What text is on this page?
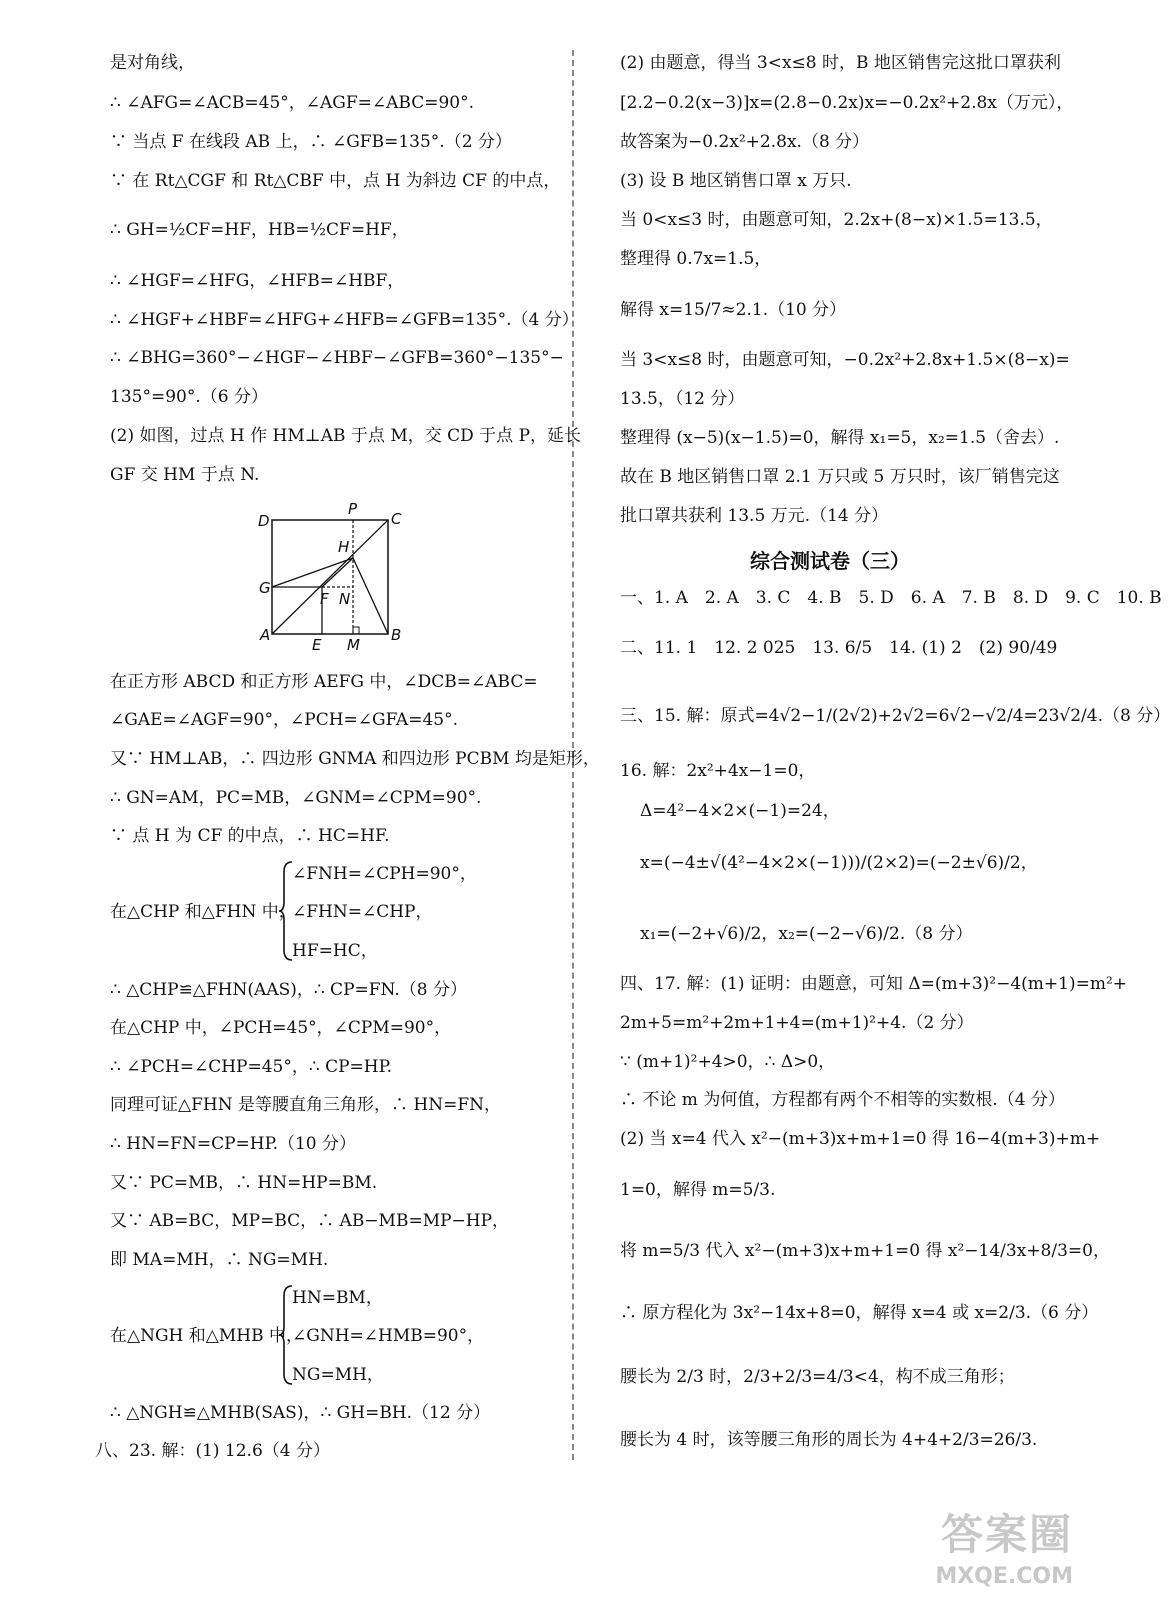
是对角线，
∴ ∠AFG=∠ACB=45°，∠AGF=∠ABC=90°.
∵ 当点 F 在线段 AB 上，∴ ∠GFB=135°.（2 分）
∵ 在 Rt△CGF 和 Rt△CBF 中，点 H 为斜边 CF 的中点，
∴ GH=½CF=HF，HB=½CF=HF，
∴ ∠HGF=∠HFG，∠HFB=∠HBF，
∴ ∠HGF+∠HBF=∠HFG+∠HFB=∠GFB=135°.（4 分）
∴ ∠BHG=360°−∠HGF−∠HBF−∠GFB=360°−135°−
135°=90°.（6 分）
(2) 如图，过点 H 作 HM⊥AB 于点 M，交 CD 于点 P，延长
GF 交 HM 于点 N.
在正方形 ABCD 和正方形 AEFG 中，∠DCB=∠ABC=
∠GAE=∠AGF=90°，∠PCH=∠GFA=45°.
又∵ HM⊥AB，∴ 四边形 GNMA 和四边形 PCBM 均是矩形，
∴ GN=AM，PC=MB，∠GNM=∠CPM=90°.
∵ 点 H 为 CF 的中点，∴ HC=HF.
∴ △CHP≌△FHN(AAS)，∴ CP=FN.（8 分）
在△CHP 中，∠PCH=45°，∠CPM=90°，
∴ ∠PCH=∠CHP=45°，∴ CP=HP.
同理可证△FHN 是等腰直角三角形，∴ HN=FN，
∴ HN=FN=CP=HP.（10 分）
又∵ PC=MB，∴ HN=HP=BM.
又∵ AB=BC，MP=BC，∴ AB−MB=MP−HP，
即 MA=MH，∴ NG=MH.
∴ △NGH≌△MHB(SAS)，∴ GH=BH.（12 分）
八、23. 解：(1) 12.6（4 分）
(2) 由题意，得当 3<x≤8 时，B 地区销售完这批口罩获利
[2.2−0.2(x−3)]x=(2.8−0.2x)x=−0.2x²+2.8x（万元），
故答案为−0.2x²+2.8x.（8 分）
(3) 设 B 地区销售口罩 x 万只.
当 0<x≤3 时，由题意可知，2.2x+(8−x)×1.5=13.5，
整理得 0.7x=1.5，
解得 x=15/7≈2.1.（10 分）
当 3<x≤8 时，由题意可知，−0.2x²+2.8x+1.5×(8−x)=
13.5，（12 分）
整理得 (x−5)(x−1.5)=0，解得 x₁=5，x₂=1.5（舍去）.
故在 B 地区销售口罩 2.1 万只或 5 万只时，该厂销售完这
批口罩共获利 13.5 万元.（14 分）
一、1. A　2. A　3. C　4. B　5. D　6. A　7. B　8. D　9. C　10. B
二、11. 1　12. 2 025　13. 6/5　14. (1) 2　(2) 90/49
三、15. 解：原式=4√2−1/(2√2)+2√2=6√2−√2/4=23√2/4.（8 分）
16. 解：2x²+4x−1=0，
Δ=4²−4×2×(−1)=24，
x=(−4±√(4²−4×2×(−1)))/(2×2)=(−2±√6)/2，
x₁=(−2+√6)/2，x₂=(−2−√6)/2.（8 分）
四、17. 解：(1) 证明：由题意，可知 Δ=(m+3)²−4(m+1)=m²+
2m+5=m²+2m+1+4=(m+1)²+4.（2 分）
∵ (m+1)²+4>0，∴ Δ>0，
∴ 不论 m 为何值，方程都有两个不相等的实数根.（4 分）
(2) 当 x=4 代入 x²−(m+3)x+m+1=0 得 16−4(m+3)+m+
1=0，解得 m=5/3.
将 m=5/3 代入 x²−(m+3)x+m+1=0 得 x²−14/3x+8/3=0，
∴ 原方程化为 3x²−14x+8=0，解得 x=4 或 x=2/3.（6 分）
腰长为 2/3 时，2/3+2/3=4/3<4，构不成三角形；
腰长为 4 时，该等腰三角形的周长为 4+4+2/3=26/3.
在△CHP 和△FHN 中，
∠FNH=∠CPH=90°，
∠FHN=∠CHP，
HF=HC，
在△NGH 和△MHB 中，
HN=BM，
∠GNH=∠HMB=90°，
NG=MH，
综合测试卷（三）
D
P
C
H
G
F N
A
E M
B
答案圈
MXQE.COM
